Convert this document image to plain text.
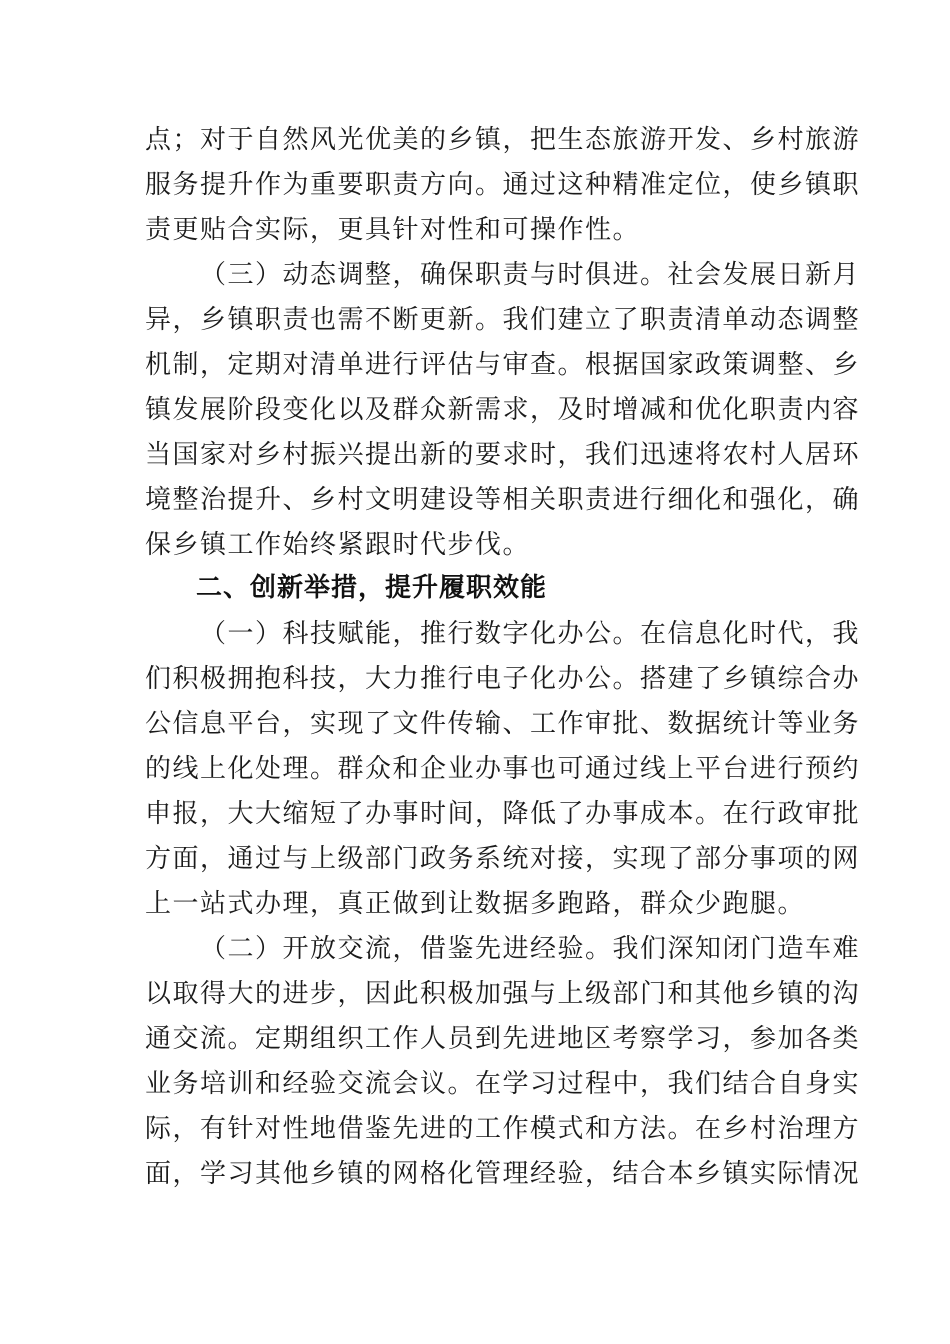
点；对于自然风光优美的乡镇，把生态旅游开发、乡村旅游
服务提升作为重要职责方向。通过这种精准定位，使乡镇职
责更贴合实际，更具针对性和可操作性。
（三）动态调整，确保职责与时俱进。社会发展日新月
异，乡镇职责也需不断更新。我们建立了职责清单动态调整
机制，定期对清单进行评估与审查。根据国家政策调整、乡
镇发展阶段变化以及群众新需求，及时增减和优化职责内容
当国家对乡村振兴提出新的要求时，我们迅速将农村人居环
境整治提升、乡村文明建设等相关职责进行细化和强化，确
保乡镇工作始终紧跟时代步伐。
二、创新举措，提升履职效能
（一）科技赋能，推行数字化办公。在信息化时代，我
们积极拥抱科技，大力推行电子化办公。搭建了乡镇综合办
公信息平台，实现了文件传输、工作审批、数据统计等业务
的线上化处理。群众和企业办事也可通过线上平台进行预约
申报，大大缩短了办事时间，降低了办事成本。在行政审批
方面，通过与上级部门政务系统对接，实现了部分事项的网
上一站式办理，真正做到让数据多跑路，群众少跑腿。
（二）开放交流，借鉴先进经验。我们深知闭门造车难
以取得大的进步，因此积极加强与上级部门和其他乡镇的沟
通交流。定期组织工作人员到先进地区考察学习，参加各类
业务培训和经验交流会议。在学习过程中，我们结合自身实
际，有针对性地借鉴先进的工作模式和方法。在乡村治理方
面，学习其他乡镇的网格化管理经验，结合本乡镇实际情况
